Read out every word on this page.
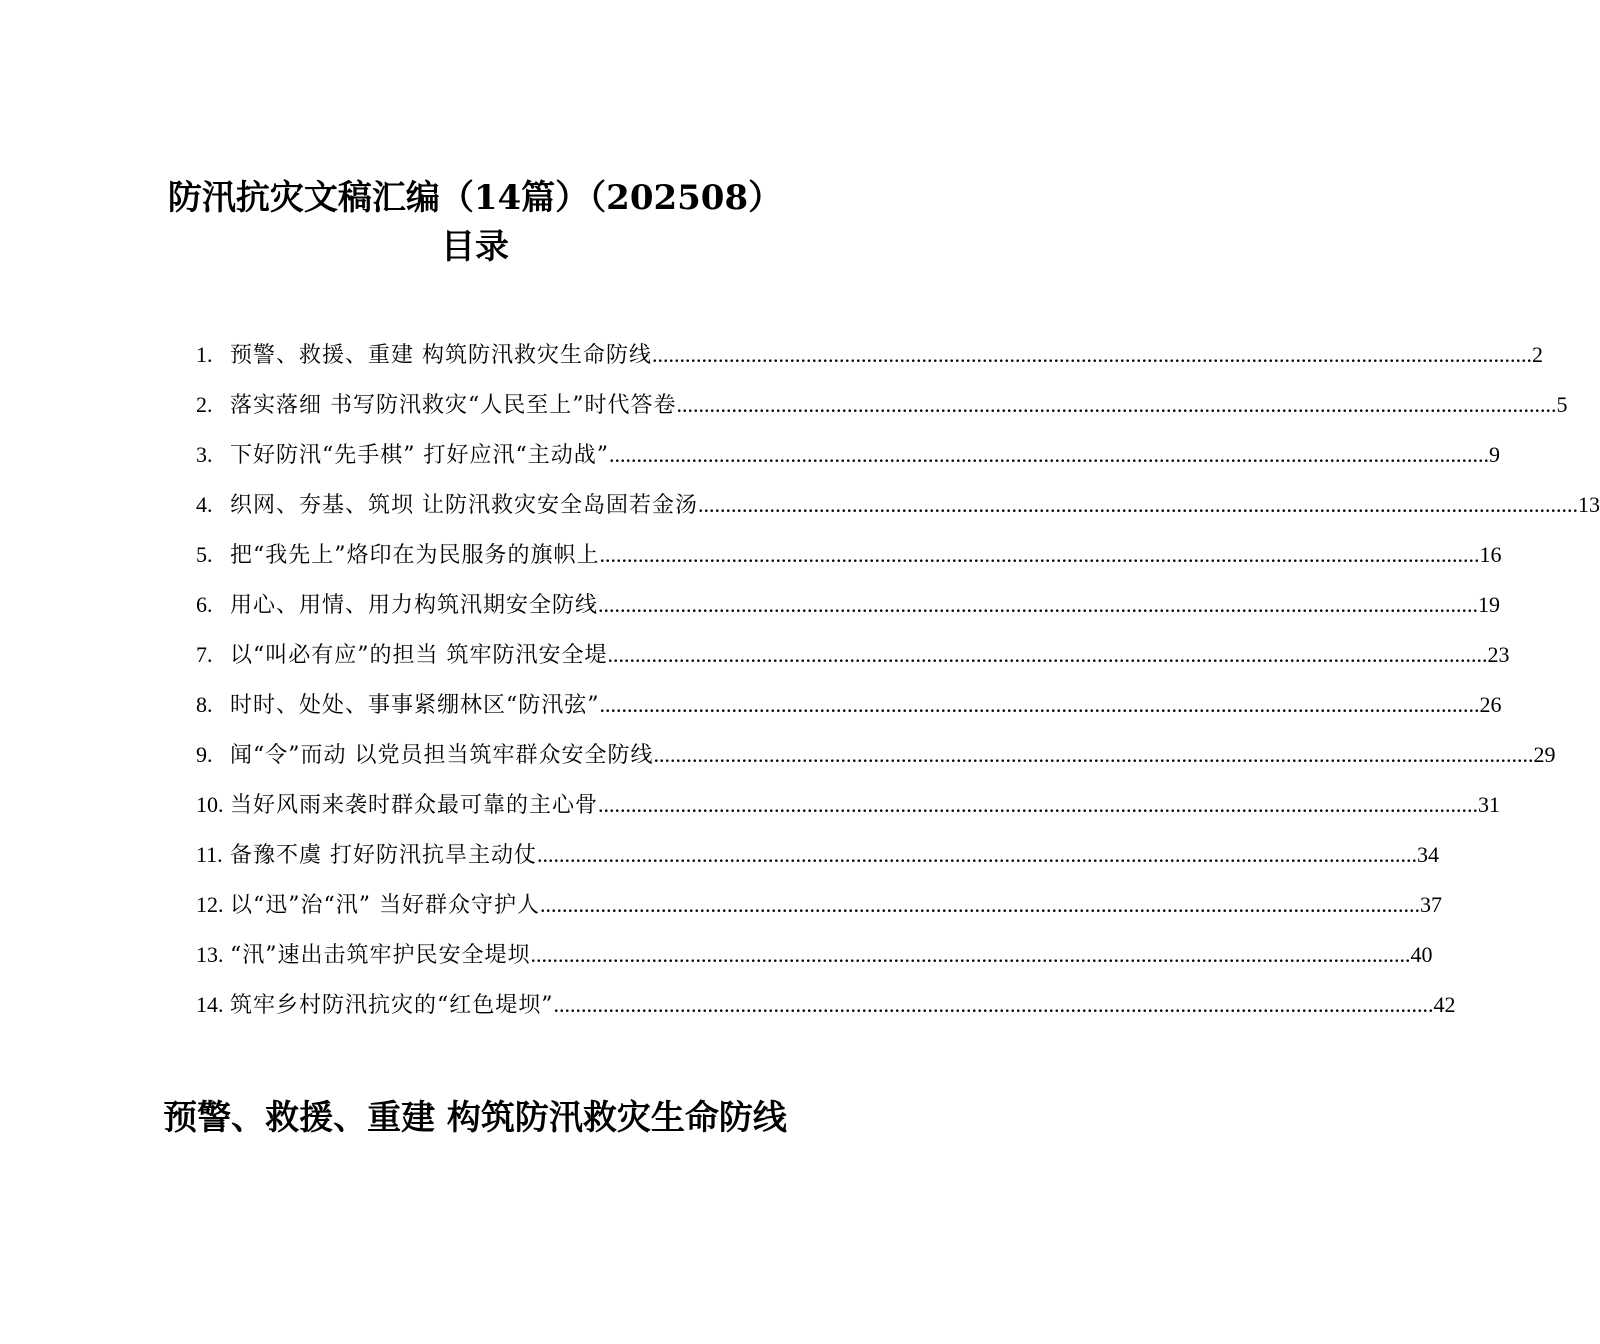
防汛抗灾文稿汇编（14篇）（202508）
目录
1. 预警、救援、重建 构筑防汛救灾生命防线 .....	2
2. 落实落细 书写防汛救灾“人民至上”时代答卷 .....	5
3. 下好防汛“先手棋” 打好应汛“主动战” .....	9
4. 织网、夯基、筑坝 让防汛救灾安全岛固若金汤 .....	13
5. 把“我先上”烙印在为民服务的旗帜上 .....	16
6. 用心、用情、用力构筑汛期安全防线 .....	19
7. 以“叫必有应”的担当 筑牢防汛安全堤 .....	23
8. 时时、处处、事事紧绷林区“防汛弦” .....	26
9. 闻“令”而动 以党员担当筑牢群众安全防线 .....	29
10. 当好风雨来袭时群众最可靠的主心骨 .....	31
11. 备豫不虞 打好防汛抗旱主动仗 .....	34
12. 以“迅”治“汛” 当好群众守护人 .....	37
13. “汛”速出击筑牢护民安全堤坝 .....	40
14. 筑牢乡村防汛抗灾的“红色堤坝” .....	42
预警、救援、重建 构筑防汛救灾生命防线
